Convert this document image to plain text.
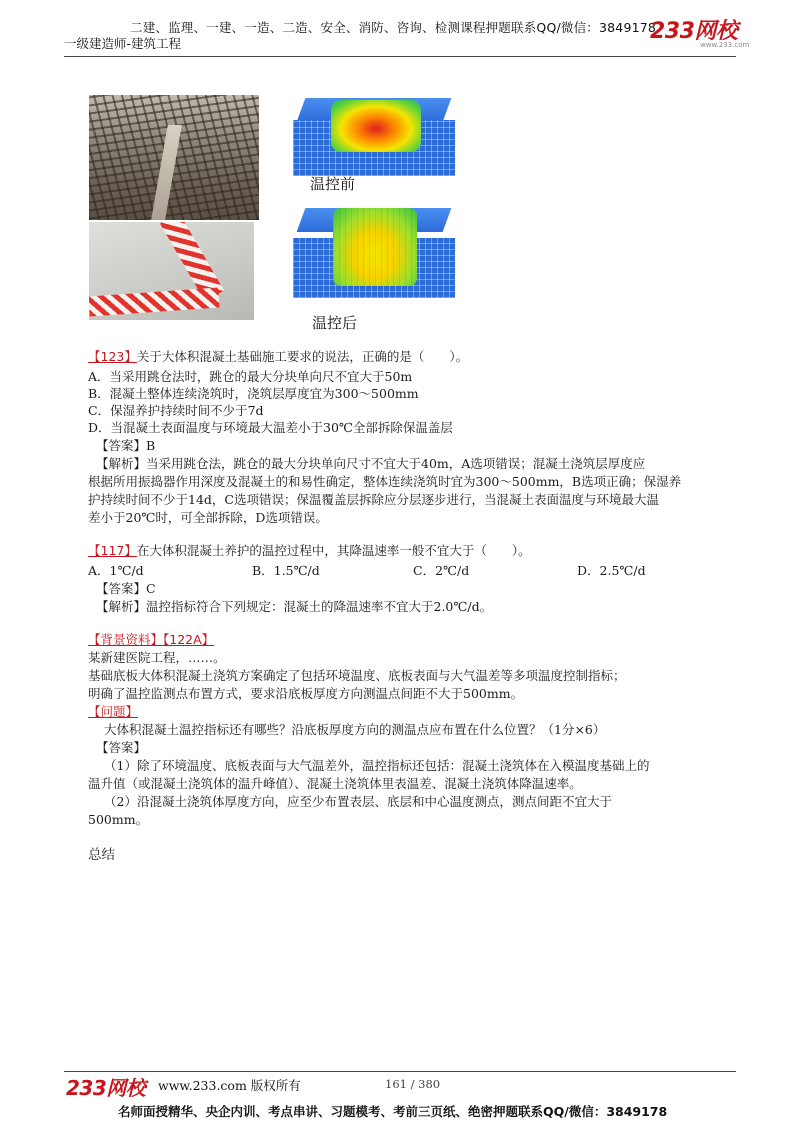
二建、监理、一建、一造、二造、安全、消防、咨询、检测课程押题联系QQ/微信：3849178
一级建造师-建筑工程	233网校
www.233.com
温控前
温控后
【123】关于大体积混凝土基础施工要求的说法，正确的是（　　）。
A．当采用跳仓法时，跳仓的最大分块单向尺不宜大于50m
B．混凝土整体连续浇筑时，浇筑层厚度宜为300～500mm
C．保湿养护持续时间不少于7d
D．当混凝土表面温度与环境最大温差小于30℃全部拆除保温盖层
【答案】B
【解析】当采用跳仓法，跳仓的最大分块单向尺寸不宜大于40m，A选项错误；混凝土浇筑层厚度应
根据所用振捣器作用深度及混凝土的和易性确定，整体连续浇筑时宜为300～500mm，B选项正确；保湿养
护持续时间不少于14d，C选项错误；保温覆盖层拆除应分层逐步进行，当混凝土表面温度与环境最大温
差小于20℃时，可全部拆除，D选项错误。
【117】在大体积混凝土养护的温控过程中，其降温速率一般不宜大于（　　）。
A．1℃/d	B．1.5℃/d	C．2℃/d	D．2.5℃/d
【答案】C
【解析】温控指标符合下列规定：混凝土的降温速率不宜大于2.0℃/d。
【背景资料】【122A】
某新建医院工程，……。
基础底板大体积混凝土浇筑方案确定了包括环境温度、底板表面与大气温差等多项温度控制指标；
明确了温控监测点布置方式，要求沿底板厚度方向测温点间距不大于500mm。
【问题】
大体积混凝土温控指标还有哪些？沿底板厚度方向的测温点应布置在什么位置？（1分×6）
【答案】
（1）除了环境温度、底板表面与大气温差外，温控指标还包括：混凝土浇筑体在入模温度基础上的
温升值（或混凝土浇筑体的温升峰值）、混凝土浇筑体里表温差、混凝土浇筑体降温速率。
（2）沿混凝土浇筑体厚度方向，应至少布置表层、底层和中心温度测点，测点间距不宜大于
500mm。
总结
233网校 www.233.com 版权所有	161 / 380
名师面授精华、央企内训、考点串讲、习题模考、考前三页纸、绝密押题联系QQ/微信：3849178
